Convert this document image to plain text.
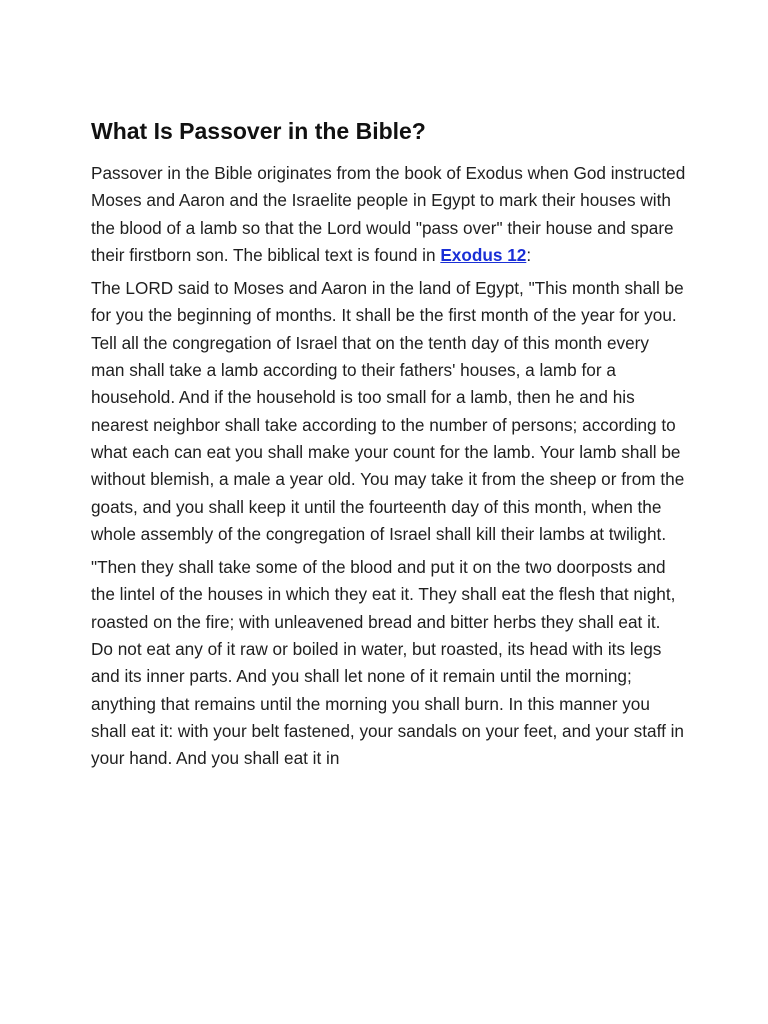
What Is Passover in the Bible?

Passover in the Bible originates from the book of Exodus when God instructed Moses and Aaron and the Israelite people in Egypt to mark their houses with the blood of a lamb so that the Lord would "pass over" their house and spare their firstborn son. The biblical text is found in Exodus 12:

The LORD said to Moses and Aaron in the land of Egypt, "This month shall be for you the beginning of months. It shall be the first month of the year for you. Tell all the congregation of Israel that on the tenth day of this month every man shall take a lamb according to their fathers' houses, a lamb for a household. And if the household is too small for a lamb, then he and his nearest neighbor shall take according to the number of persons; according to what each can eat you shall make your count for the lamb. Your lamb shall be without blemish, a male a year old. You may take it from the sheep or from the goats, and you shall keep it until the fourteenth day of this month, when the whole assembly of the congregation of Israel shall kill their lambs at twilight.

"Then they shall take some of the blood and put it on the two doorposts and the lintel of the houses in which they eat it. They shall eat the flesh that night, roasted on the fire; with unleavened bread and bitter herbs they shall eat it. Do not eat any of it raw or boiled in water, but roasted, its head with its legs and its inner parts. And you shall let none of it remain until the morning; anything that remains until the morning you shall burn. In this manner you shall eat it: with your belt fastened, your sandals on your feet, and your staff in your hand. And you shall eat it in
